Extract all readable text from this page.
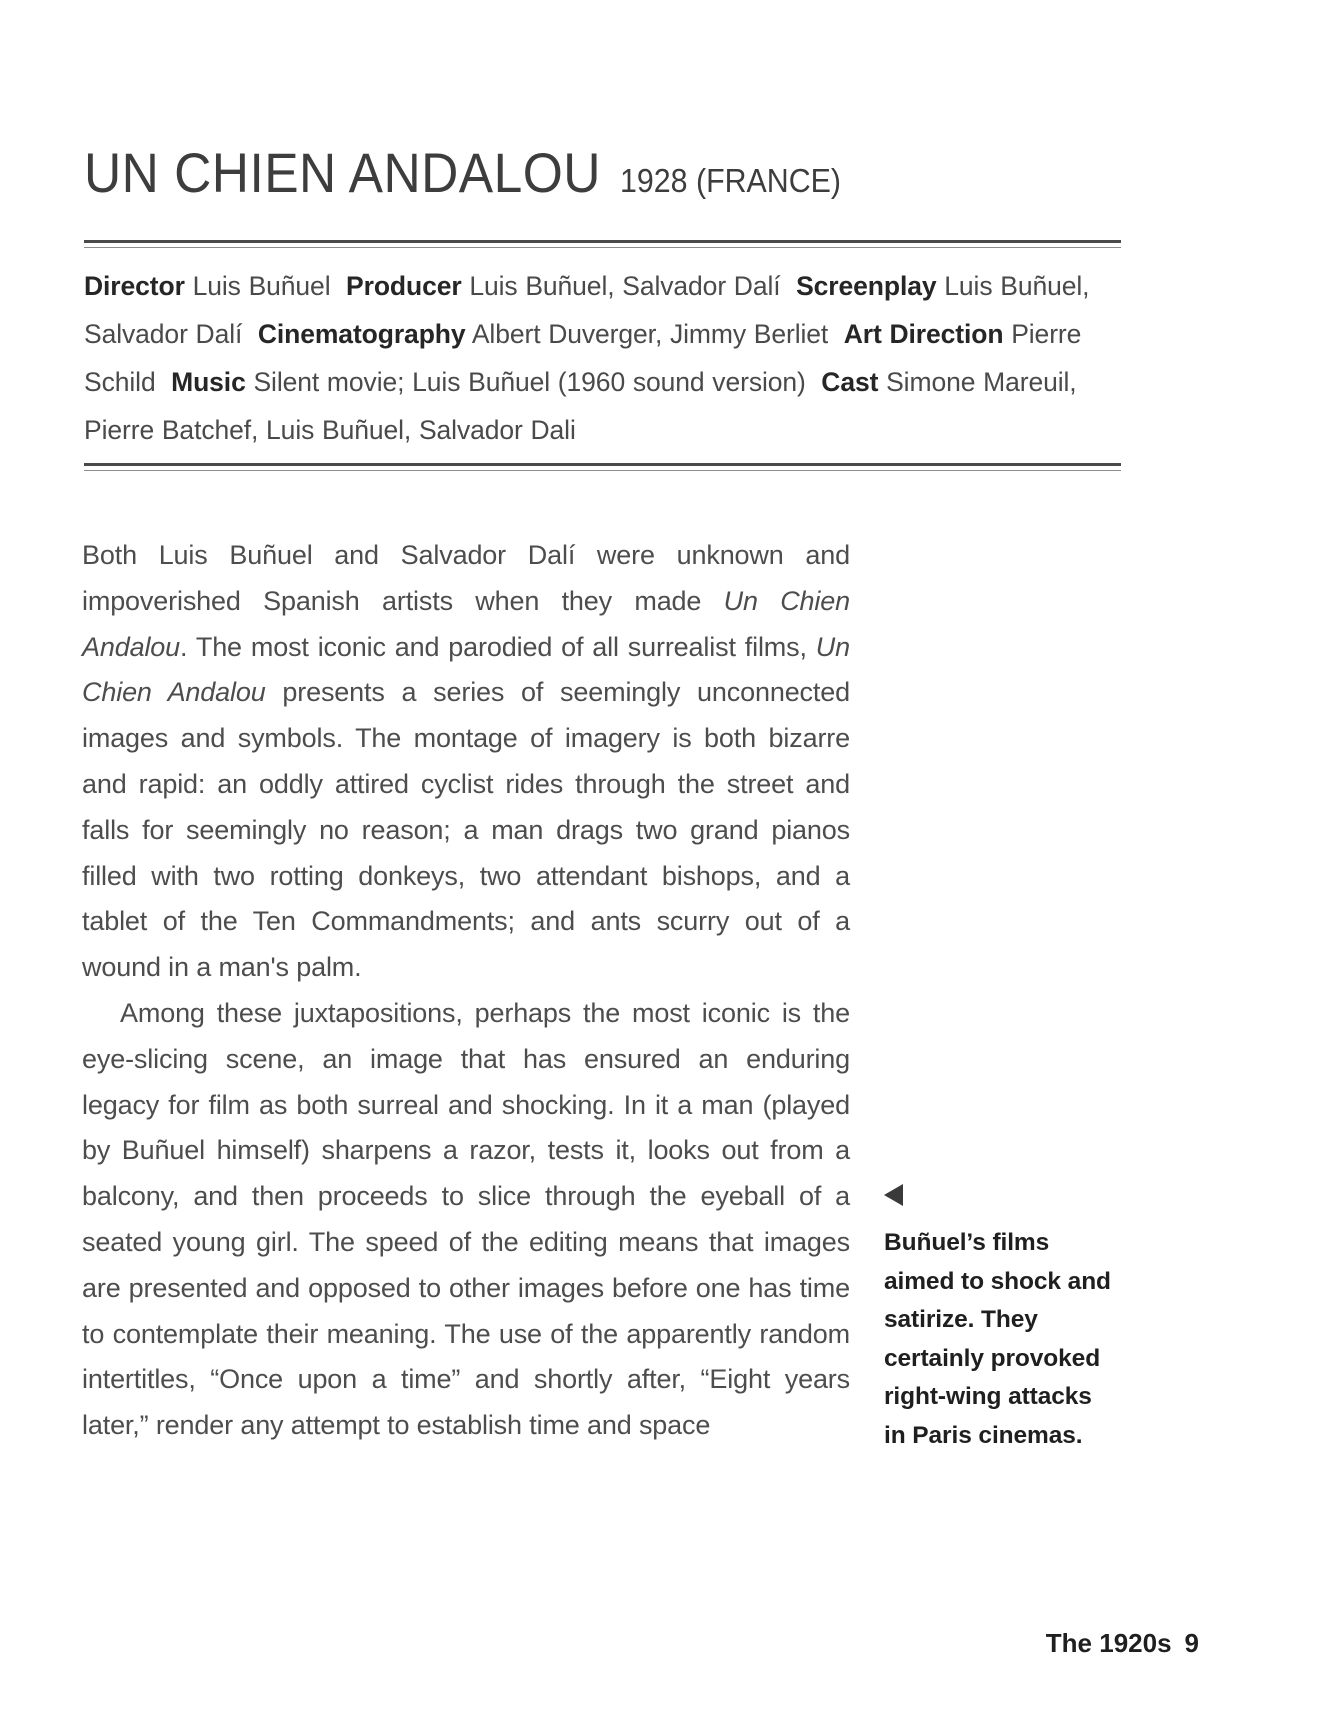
UN CHIEN ANDALOU 1928 (FRANCE)
Director Luis Buñuel Producer Luis Buñuel, Salvador Dalí Screenplay Luis Buñuel, Salvador Dalí Cinematography Albert Duverger, Jimmy Berliet Art Direction Pierre Schild Music Silent movie; Luis Buñuel (1960 sound version) Cast Simone Mareuil, Pierre Batchef, Luis Buñuel, Salvador Dali

Both Luis Buñuel and Salvador Dalí were unknown and impoverished Spanish artists when they made Un Chien Andalou. The most iconic and parodied of all surrealist films, Un Chien Andalou presents a series of seemingly unconnected images and symbols. The montage of imagery is both bizarre and rapid: an oddly attired cyclist rides through the street and falls for seemingly no reason; a man drags two grand pianos filled with two rotting donkeys, two attendant bishops, and a tablet of the Ten Commandments; and ants scurry out of a wound in a man's palm.

Among these juxtapositions, perhaps the most iconic is the eye-slicing scene, an image that has ensured an enduring legacy for film as both surreal and shocking. In it a man (played by Buñuel himself) sharpens a razor, tests it, looks out from a balcony, and then proceeds to slice through the eyeball of a seated young girl. The speed of the editing means that images are presented and opposed to other images before one has time to contemplate their meaning. The use of the apparently random intertitles, “Once upon a time” and shortly after, “Eight years later,” render any attempt to establish time and space

Buñuel’s films aimed to shock and satirize. They certainly provoked right-wing attacks in Paris cinemas.
The 1920s 9
